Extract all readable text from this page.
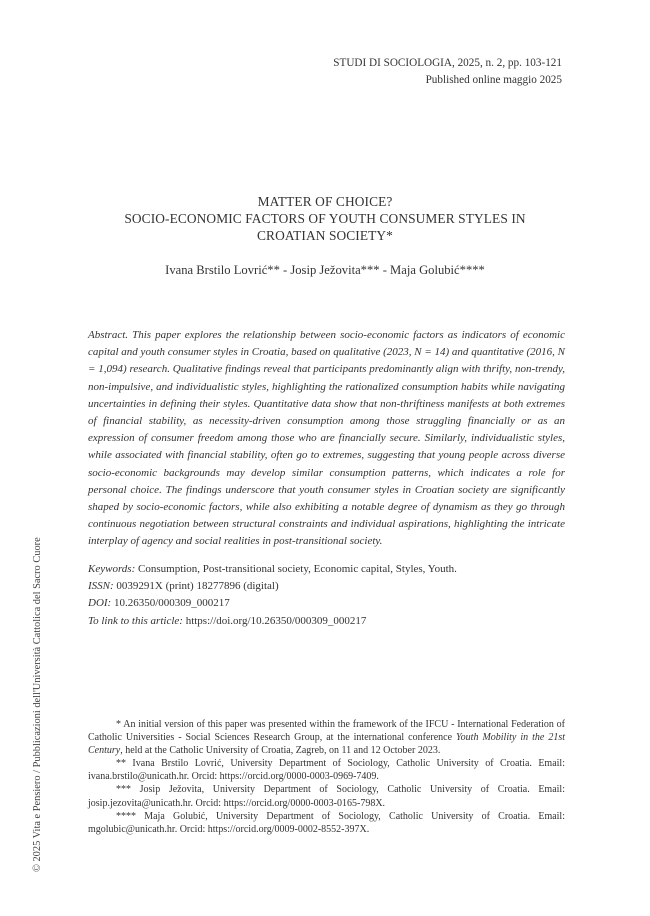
STUDI DI SOCIOLOGIA, 2025, n. 2, pp. 103-121
Published online maggio 2025
MATTER OF CHOICE?
SOCIO-ECONOMIC FACTORS OF YOUTH CONSUMER STYLES IN
CROATIAN SOCIETY*
Ivana Brstilo Lovrić** - Josip Ježovita*** - Maja Golubić****

Abstract. This paper explores the relationship between socio-economic factors as indicators of economic capital and youth consumer styles in Croatia, based on qualitative (2023, N = 14) and quantitative (2016, N = 1,094) research. Qualitative findings reveal that participants predominantly align with thrifty, non-trendy, non-impulsive, and individualistic styles, highlighting the rationalized consumption habits while navigating uncertainties in defining their styles. Quantitative data show that non-thriftiness manifests at both extremes of financial stability, as necessity-driven consumption among those struggling financially or as an expression of consumer freedom among those who are financially secure. Similarly, individualistic styles, while associated with financial stability, often go to extremes, suggesting that young people across diverse socio-economic backgrounds may develop similar consumption patterns, which indicates a role for personal choice. The findings underscore that youth consumer styles in Croatian society are significantly shaped by socio-economic factors, while also exhibiting a notable degree of dynamism as they go through continuous negotiation between structural constraints and individual aspirations, highlighting the intricate interplay of agency and social realities in post-transitional society.

Keywords: Consumption, Post-transitional society, Economic capital, Styles, Youth.
ISSN: 0039291X (print) 18277896 (digital)
DOI: 10.26350/000309_000217
To link to this article: https://doi.org/10.26350/000309_000217

* An initial version of this paper was presented within the framework of the IFCU - International Federation of Catholic Universities - Social Sciences Research Group, at the international conference Youth Mobility in the 21st Century, held at the Catholic University of Croatia, Zagreb, on 11 and 12 October 2023.

** Ivana Brstilo Lovrić, University Department of Sociology, Catholic University of Croatia. Email: ivana.brstilo@unicath.hr. Orcid: https://orcid.org/0000-0003-0969-7409.

*** Josip Ježovita, University Department of Sociology, Catholic University of Croatia. Email: josip.jezovita@unicath.hr. Orcid: https://orcid.org/0000-0003-0165-798X.

**** Maja Golubić, University Department of Sociology, Catholic University of Croatia. Email: mgolubic@unicath.hr. Orcid: https://orcid.org/0009-0002-8552-397X.

© 2025 Vita e Pensiero / Pubblicazioni dell'Università Cattolica del Sacro Cuore
